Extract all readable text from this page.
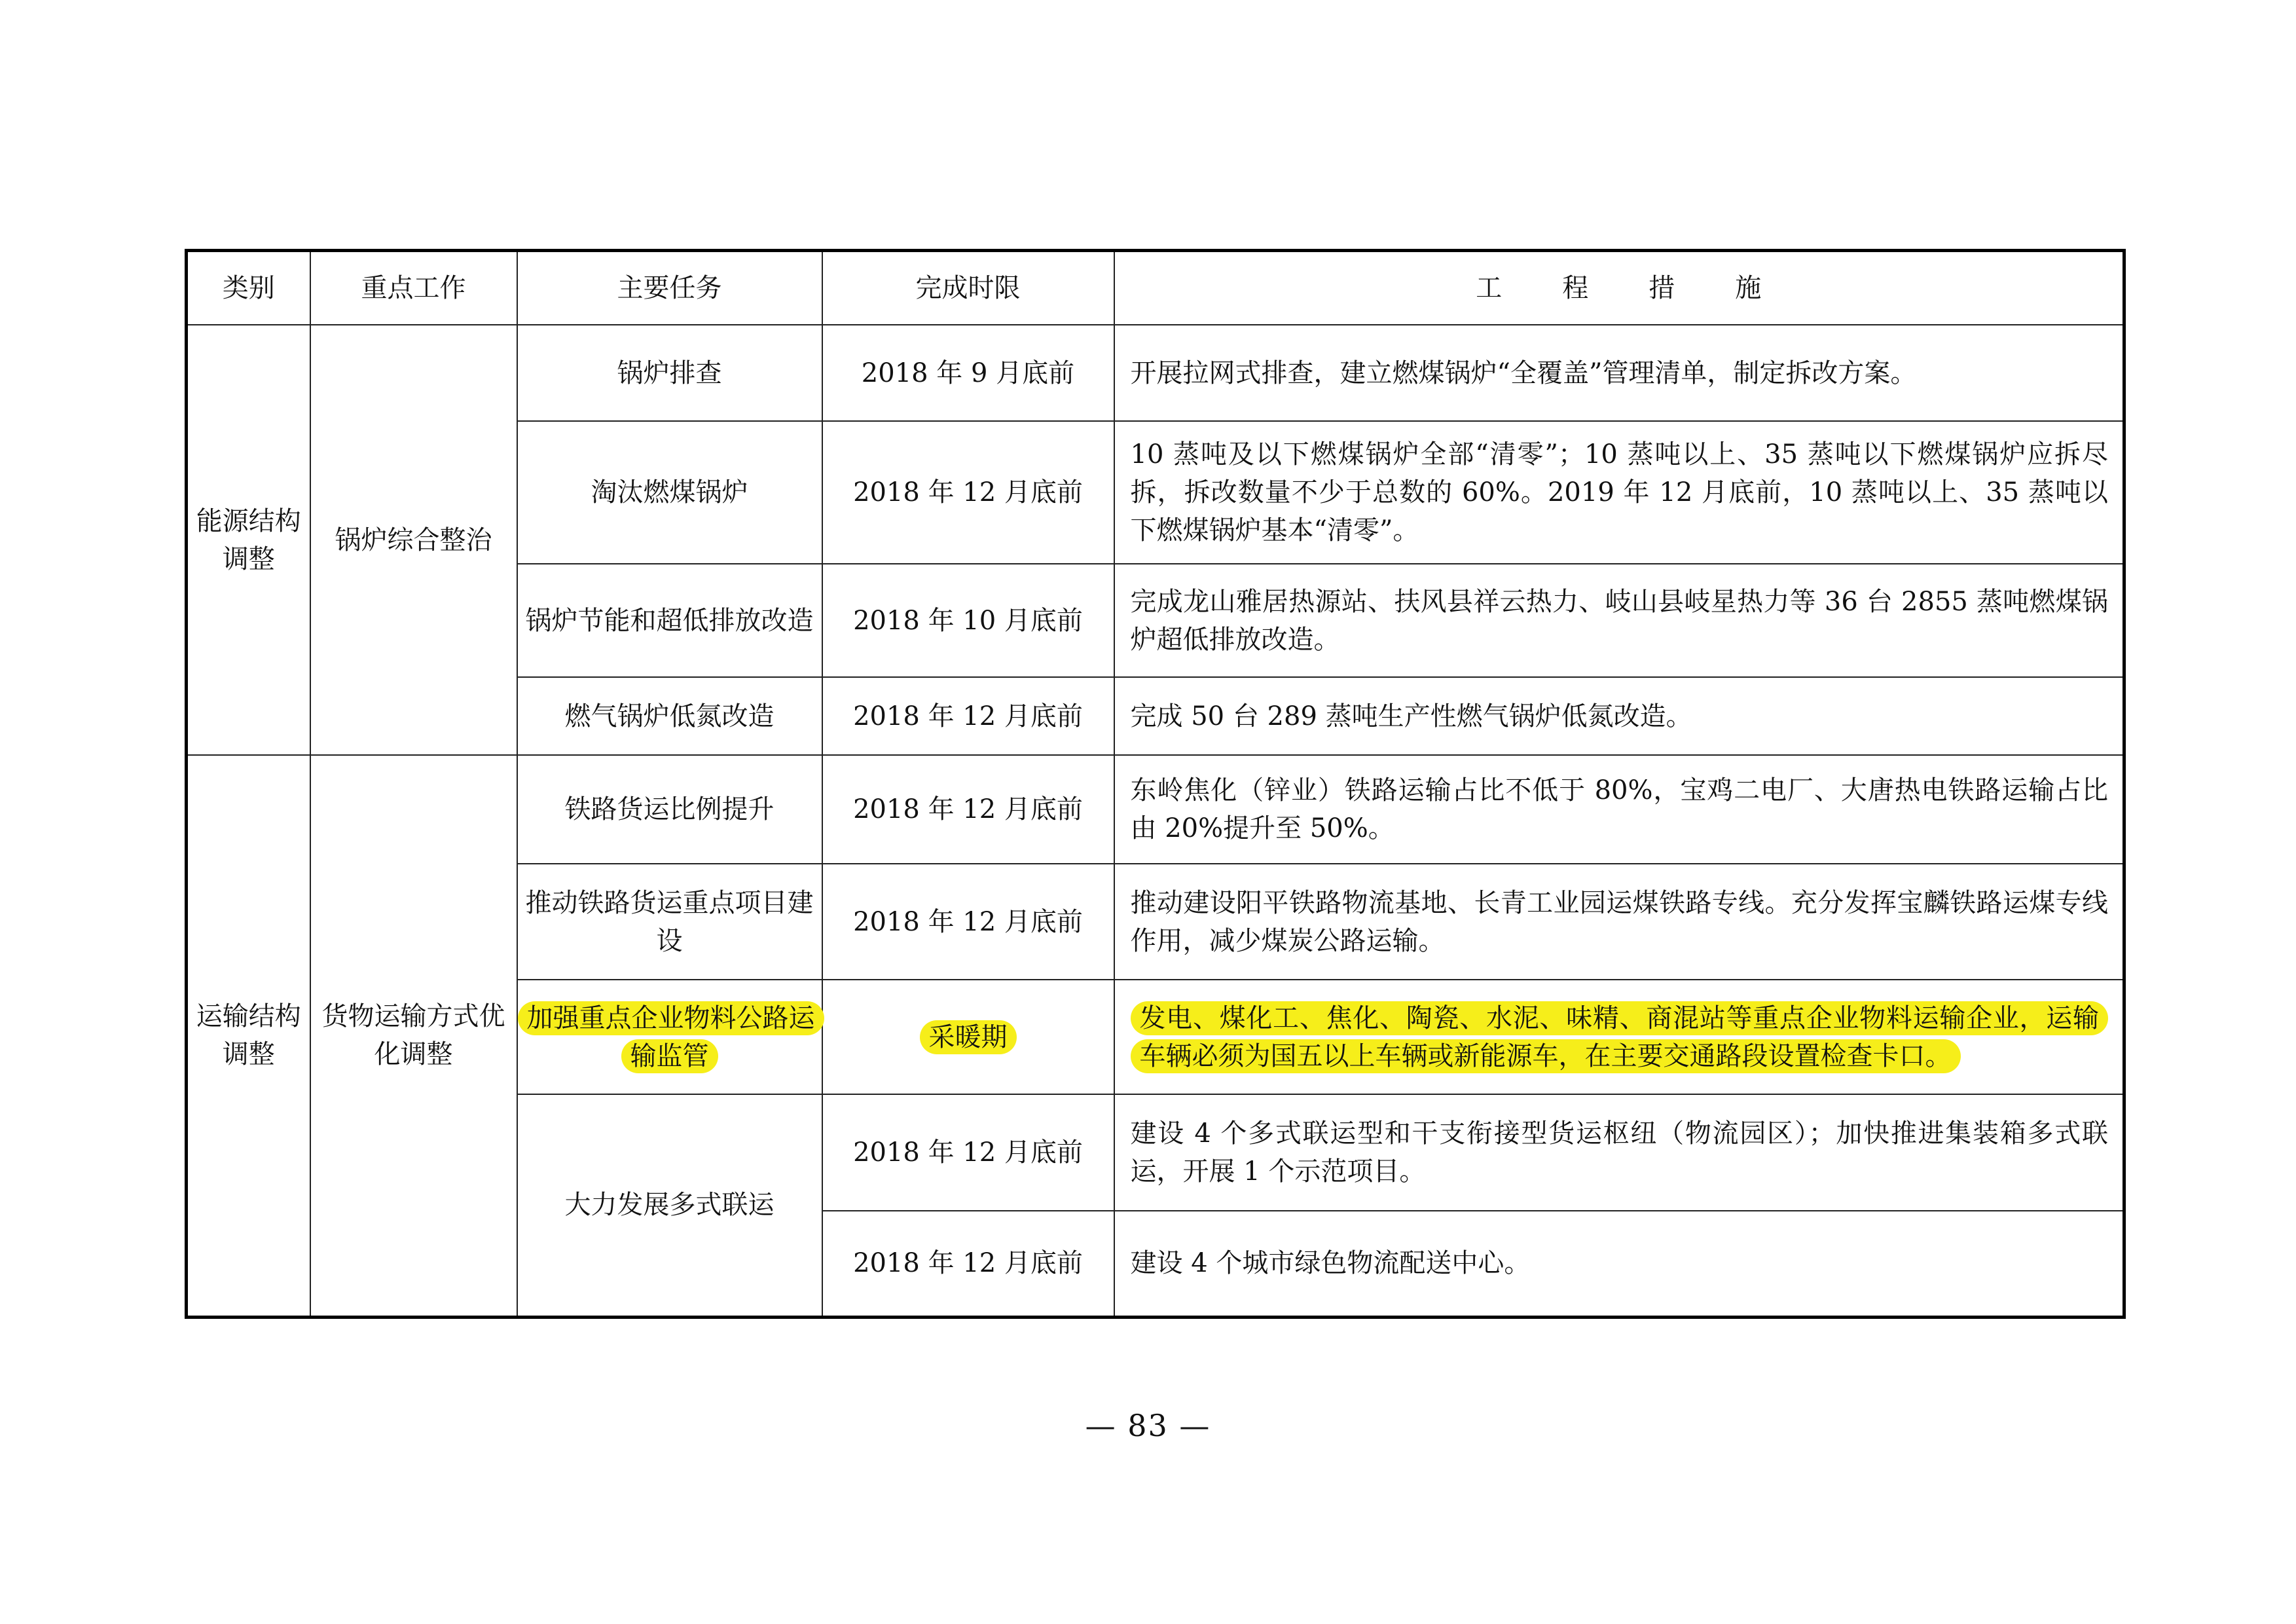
类别	重点工作	主要任务	完成时限	工程措施
能源结构调整	锅炉综合整治	锅炉排查	2018 年 9 月底前	开展拉网式排查，建立燃煤锅炉“全覆盖”管理清单，制定拆改方案。
		淘汰燃煤锅炉	2018 年 12 月底前	10 蒸吨及以下燃煤锅炉全部“清零”；10 蒸吨以上、35 蒸吨以下燃煤锅炉应拆尽拆，拆改数量不少于总数的 60%。2019 年 12 月底前，10 蒸吨以上、35 蒸吨以下燃煤锅炉基本“清零”。
		锅炉节能和超低排放改造	2018 年 10 月底前	完成龙山雅居热源站、扶风县祥云热力、岐山县岐星热力等 36 台 2855 蒸吨燃煤锅炉超低排放改造。
		燃气锅炉低氮改造	2018 年 12 月底前	完成 50 台 289 蒸吨生产性燃气锅炉低氮改造。
运输结构调整	货物运输方式优化调整	铁路货运比例提升	2018 年 12 月底前	东岭焦化（锌业）铁路运输占比不低于 80%，宝鸡二电厂、大唐热电铁路运输占比由 20%提升至 50%。
		推动铁路货运重点项目建设	2018 年 12 月底前	推动建设阳平铁路物流基地、长青工业园运煤铁路专线。充分发挥宝麟铁路运煤专线作用，减少煤炭公路运输。
		加强重点企业物料公路运输监管	采暖期	发电、煤化工、焦化、陶瓷、水泥、味精、商混站等重点企业物料运输企业，运输车辆必须为国五以上车辆或新能源车，在主要交通路段设置检查卡口。
		大力发展多式联运	2018 年 12 月底前	建设 4 个多式联运型和干支衔接型货运枢纽（物流园区）；加快推进集装箱多式联运，开展 1 个示范项目。
			2018 年 12 月底前	建设 4 个城市绿色物流配送中心。
— 83 —
